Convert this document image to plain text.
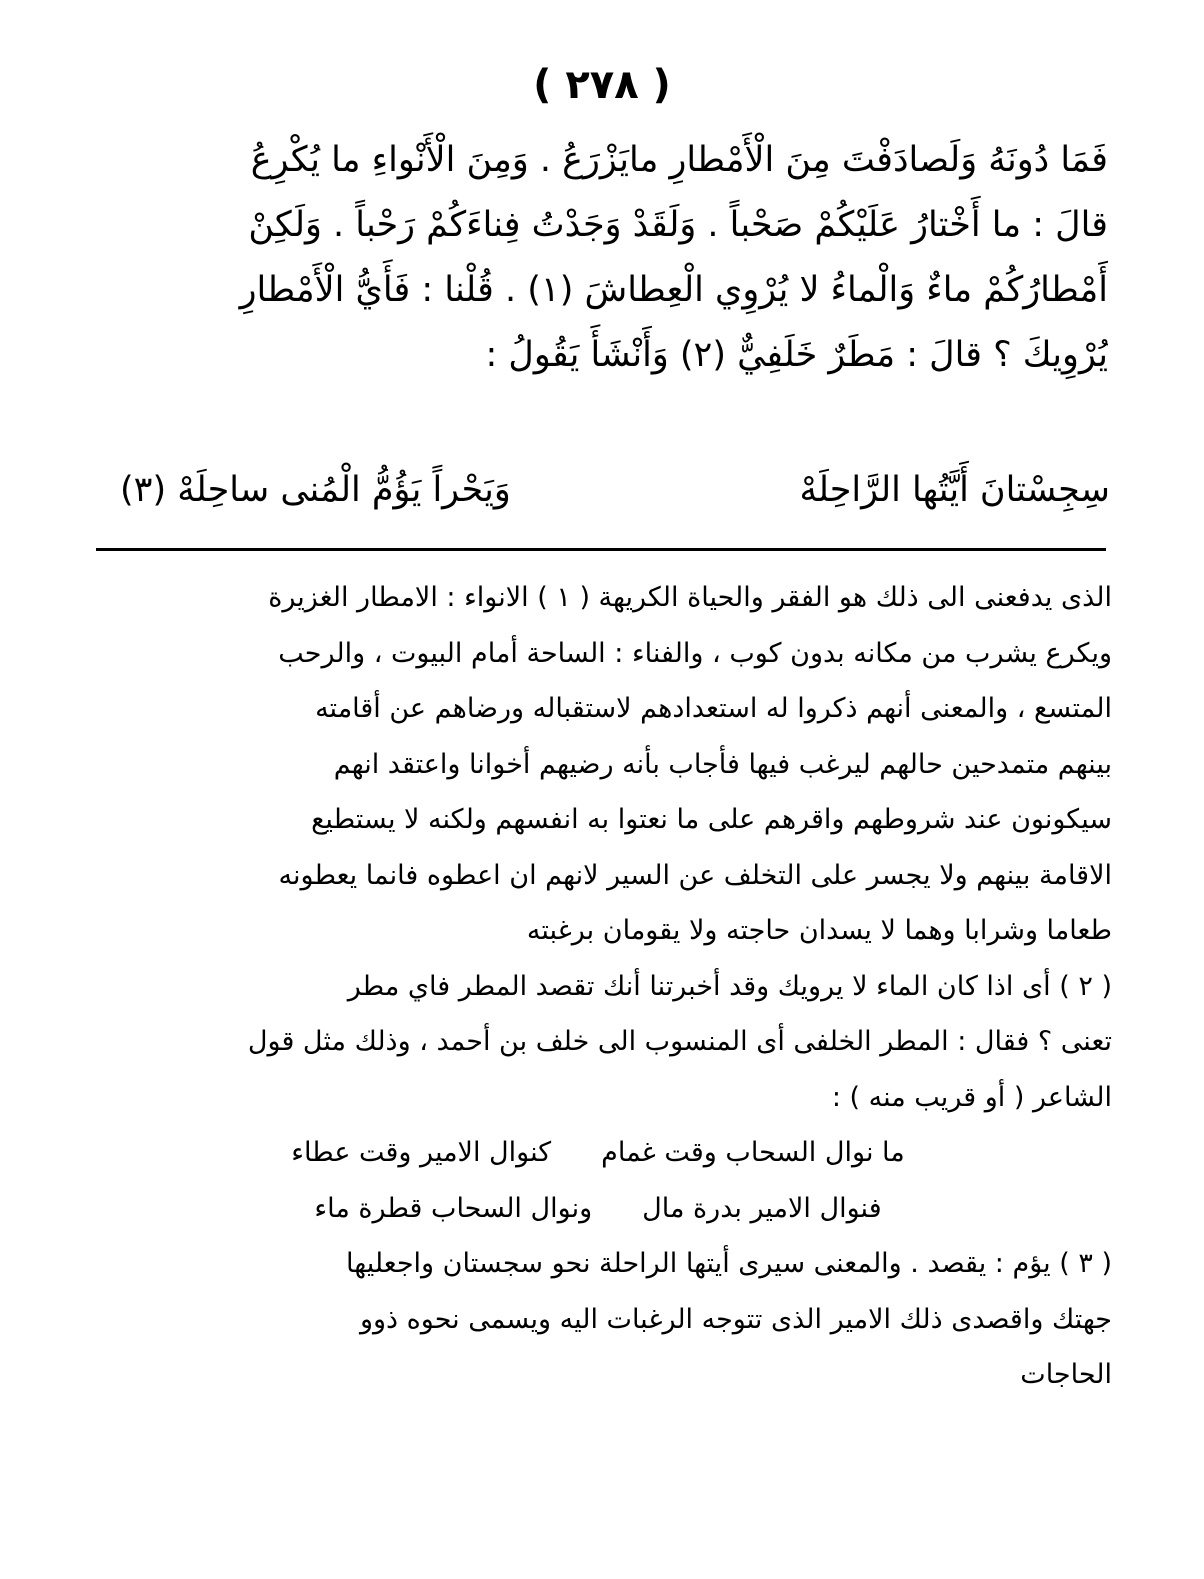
( ٢٧٨ )
فَمَا دُونَهُ وَلَصادَفْتَ مِنَ الْأَمْطارِ مايَزْرَعُ . وَمِنَ الْأَنْواءِ ما يُكْرِعُ
قالَ : ما أَخْتارُ عَلَيْكُمْ صَحْباً . وَلَقَدْ وَجَدْتُ فِناءَكُمْ رَحْباً . وَلَكِنْ
أَمْطارُكُمْ ماءٌ وَالْماءُ لا يُرْوِي الْعِطاشَ (١) . قُلْنا : فَأَيُّ الْأَمْطارِ
يُرْوِيكَ ؟ قالَ : مَطَرٌ خَلَفِيٌّ (٢) وَأَنْشَأَ يَقُولُ :
سِجِسْتانَ أَيَّتُها الرَّاحِلَهْ
وَيَحْراً يَؤُمُّ الْمُنى ساحِلَهْ (٣)
الذى يدفعنى الى ذلك هو الفقر والحياة الكريهة ( ١ ) الانواء : الامطار الغزيرة
ويكرع يشرب من مكانه بدون كوب ، والفناء : الساحة أمام البيوت ، والرحب
المتسع ، والمعنى أنهم ذكروا له استعدادهم لاستقباله ورضاهم عن أقامته
بينهم متمدحين حالهم ليرغب فيها فأجاب بأنه رضيهم أخوانا واعتقد انهم
سيكونون عند شروطهم واقرهم على ما نعتوا به انفسهم ولكنه لا يستطيع
الاقامة بينهم ولا يجسر على التخلف عن السير لانهم ان اعطوه فانما يعطونه
طعاما وشرابا وهما لا يسدان حاجته ولا يقومان برغبته
( ٢ ) أى اذا كان الماء لا يرويك وقد أخبرتنا أنك تقصد المطر فاي مطر
تعنى ؟ فقال : المطر الخلفى أى المنسوب الى خلف بن أحمد ، وذلك مثل قول
الشاعر ( أو قريب منه ) :
ما نوال السحاب وقت غمام
كنوال الامير وقت عطاء
فنوال الامير بدرة مال
ونوال السحاب قطرة ماء
( ٣ ) يؤم : يقصد . والمعنى سيرى أيتها الراحلة نحو سجستان واجعليها
جهتك واقصدى ذلك الامير الذى تتوجه الرغبات اليه ويسمى نحوه ذوو
الحاجات
